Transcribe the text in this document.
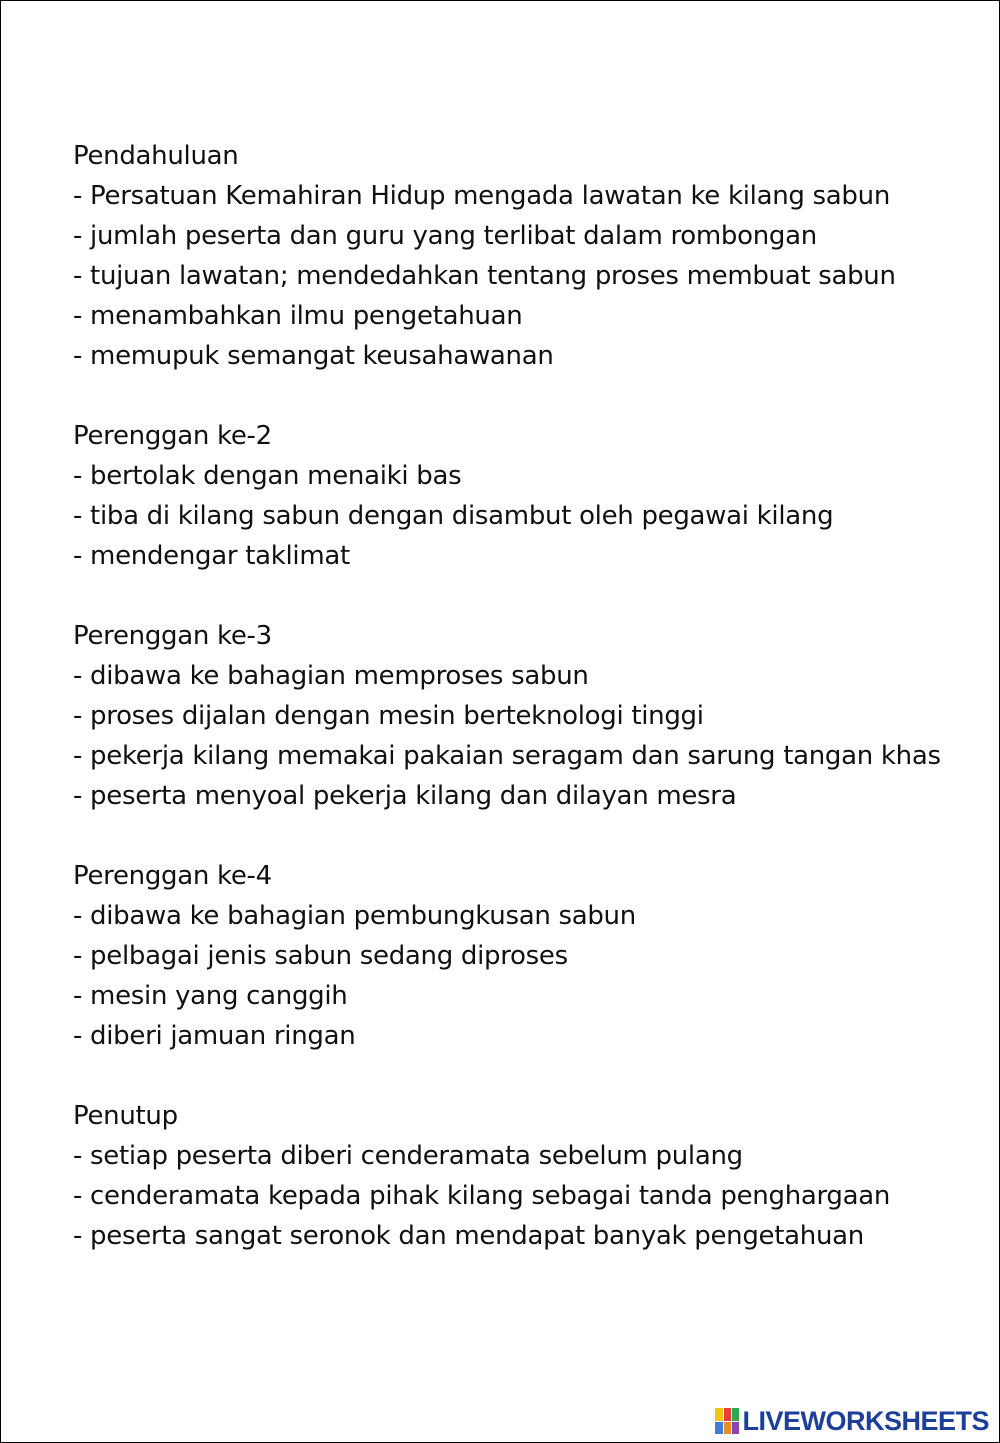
Pendahuluan

- Persatuan Kemahiran Hidup mengada lawatan ke kilang sabun

- jumlah peserta dan guru yang terlibat dalam rombongan

- tujuan lawatan; mendedahkan tentang proses membuat sabun

- menambahkan ilmu pengetahuan

- memupuk semangat keusahawanan

Perenggan ke-2

- bertolak dengan menaiki bas

- tiba di kilang sabun dengan disambut oleh pegawai kilang

- mendengar taklimat

Perenggan ke-3

- dibawa ke bahagian memproses sabun

- proses dijalan dengan mesin berteknologi tinggi

- pekerja kilang memakai pakaian seragam dan sarung tangan khas

- peserta menyoal pekerja kilang dan dilayan mesra

Perenggan ke-4

- dibawa ke bahagian pembungkusan sabun

- pelbagai jenis sabun sedang diproses

- mesin yang canggih

- diberi jamuan ringan

Penutup

- setiap peserta diberi cenderamata sebelum pulang

- cenderamata kepada pihak kilang sebagai tanda penghargaan

- peserta sangat seronok dan mendapat banyak pengetahuan

LIVEWORKSHEETS
